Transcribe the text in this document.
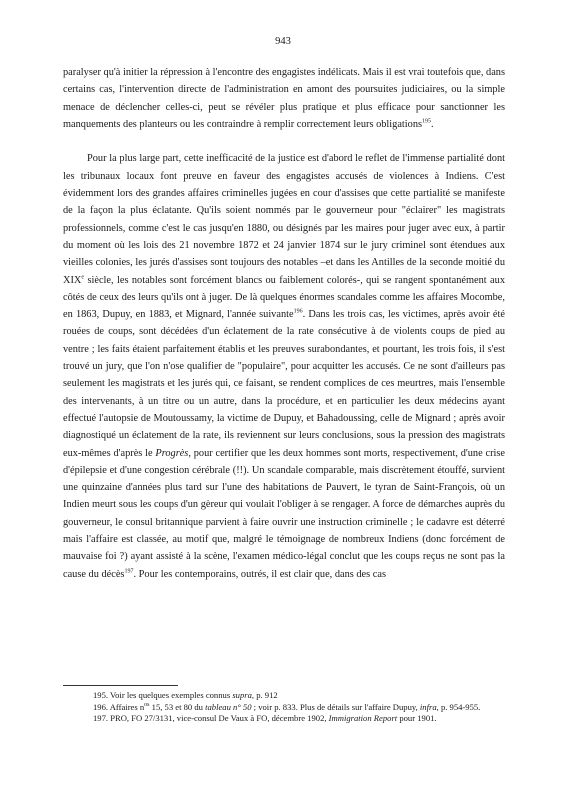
943

paralyser qu'à initier la répression à l'encontre des engagistes indélicats. Mais il est vrai toutefois que, dans certains cas, l'intervention directe de l'administration en amont des poursuites judiciaires, ou la simple menace de déclencher celles-ci, peut se révéler plus pratique et plus efficace pour sanctionner les manquements des planteurs ou les contraindre à remplir correctement leurs obligations$^{195}$.

Pour la plus large part, cette inefficacité de la justice est d'abord le reflet de l'immense partialité dont les tribunaux locaux font preuve en faveur des engagistes accusés de violences à Indiens. C'est évidemment lors des grandes affaires criminelles jugées en cour d'assises que cette partialité se manifeste de la façon la plus éclatante. Qu'ils soient nommés par le gouverneur pour "éclairer" les magistrats professionnels, comme c'est le cas jusqu'en 1880, ou désignés par les maires pour juger avec eux, à partir du moment où les lois des 21 novembre 1872 et 24 janvier 1874 sur le jury criminel sont étendues aux vieilles colonies, les jurés d'assises sont toujours des notables –et dans les Antilles de la seconde moitié du XIXe siècle, les notables sont forcément blancs ou faiblement colorés-, qui se rangent spontanément aux côtés de ceux des leurs qu'ils ont à juger. De là quelques énormes scandales comme les affaires Mocombe, en 1863, Dupuy, en 1883, et Mignard, l'année suivante$^{196}$. Dans les trois cas, les victimes, après avoir été rouées de coups, sont décédées d'un éclatement de la rate consécutive à de violents coups de pied au ventre ; les faits étaient parfaitement établis et les preuves surabondantes, et pourtant, les trois fois, il s'est trouvé un jury, que l'on n'ose qualifier de "populaire", pour acquitter les accusés. Ce ne sont d'ailleurs pas seulement les magistrats et les jurés qui, ce faisant, se rendent complices de ces meurtres, mais l'ensemble des intervenants, à un titre ou un autre, dans la procédure, et en particulier les deux médecins ayant effectué l'autopsie de Moutoussamy, la victime de Dupuy, et Bahadoussing, celle de Mignard ; après avoir diagnostiqué un éclatement de la rate, ils reviennent sur leurs conclusions, sous la pression des magistrats eux-mêmes d'après le Progrès, pour certifier que les deux hommes sont morts, respectivement, d'une crise d'épilepsie et d'une congestion cérébrale (!!). Un scandale comparable, mais discrètement étouffé, survient une quinzaine d'années plus tard sur l'une des habitations de Pauvert, le tyran de Saint-François, où un Indien meurt sous les coups d'un gèreur qui voulait l'obliger à se rengager. A force de démarches auprès du gouverneur, le consul britannique parvient à faire ouvrir une instruction criminelle ; le cadavre est déterré mais l'affaire est classée, au motif que, malgré le témoignage de nombreux Indiens (donc forcément de mauvaise foi ?) ayant assisté à la scène, l'examen médico-légal conclut que les coups reçus ne sont pas la cause du décès$^{197}$. Pour les contemporains, outrés, il est clair que, dans des cas

195. Voir les quelques exemples connus supra, p. 912

196. Affaires $n^{os}$ 15, 53 et 80 du tableau n° 50 ; voir p. 833. Plus de détails sur l'affaire Dupuy, infra, p. 954-955.

197. PRO, FO 27/3131, vice-consul De Vaux à FO, décembre 1902, Immigration Report pour 1901.
